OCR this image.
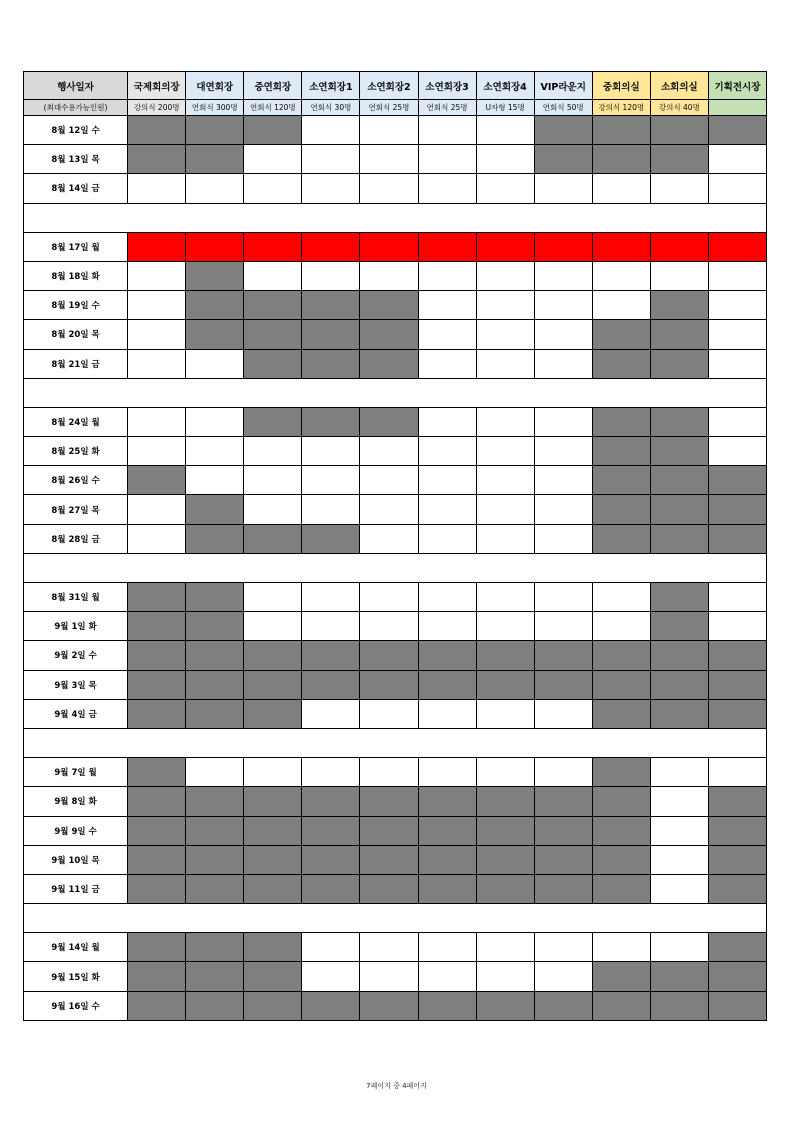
행사일자	국제회의장	대연회장	중연회장	소연회장1	소연회장2	소연회장3	소연회장4	VIP라운지	중회의실	소회의실	기획전시장
(최대수용가능인원)	강의식 200명	연회식 300명	연회식 120명	연회식 30명	연회식 25명	연회식 25명	U자형 15명	연회식 50명	강의식 120명	강의식 40명	
8월 12일 수											
8월 13일 목											
8월 14일 금											

8월 17일 월											
8월 18일 화											
8월 19일 수											
8월 20일 목											
8월 21일 금											

8월 24일 월											
8월 25일 화											
8월 26일 수											
8월 27일 목											
8월 28일 금											

8월 31일 월											
9월 1일 화											
9월 2일 수											
9월 3일 목											
9월 4일 금											

9월 7일 월											
9월 8일 화											
9월 9일 수											
9월 10일 목											
9월 11일 금											

9월 14일 월											
9월 15일 화											
9월 16일 수											
7페이지 중 4페이지
